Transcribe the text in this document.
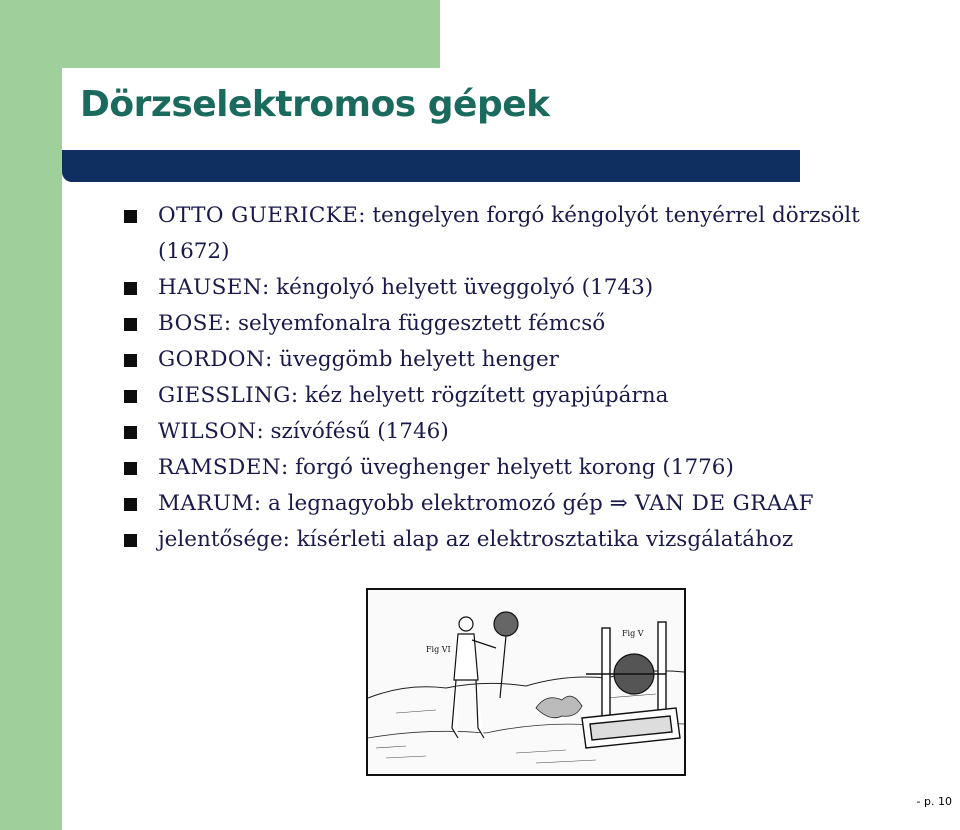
Dörzselektromos gépek
OTTO GUERICKE: tengelyen forgó kéngolyót tenyérrel dörzsölt (1672)
HAUSEN: kéngolyó helyett üveggolyó (1743)
BOSE: selyemfonalra függesztett fémcső
GORDON: üveggömb helyett henger
GIESSLING: kéz helyett rögzített gyapjúpárna
WILSON: szívófésű (1746)
RAMSDEN: forgó üveghenger helyett korong (1776)
MARUM: a legnagyobb elektromozó gép ⇒ VAN DE GRAAF
jelentősége: kísérleti alap az elektrosztatika vizsgálatához
Fig VI
Fig V
- p. 10
